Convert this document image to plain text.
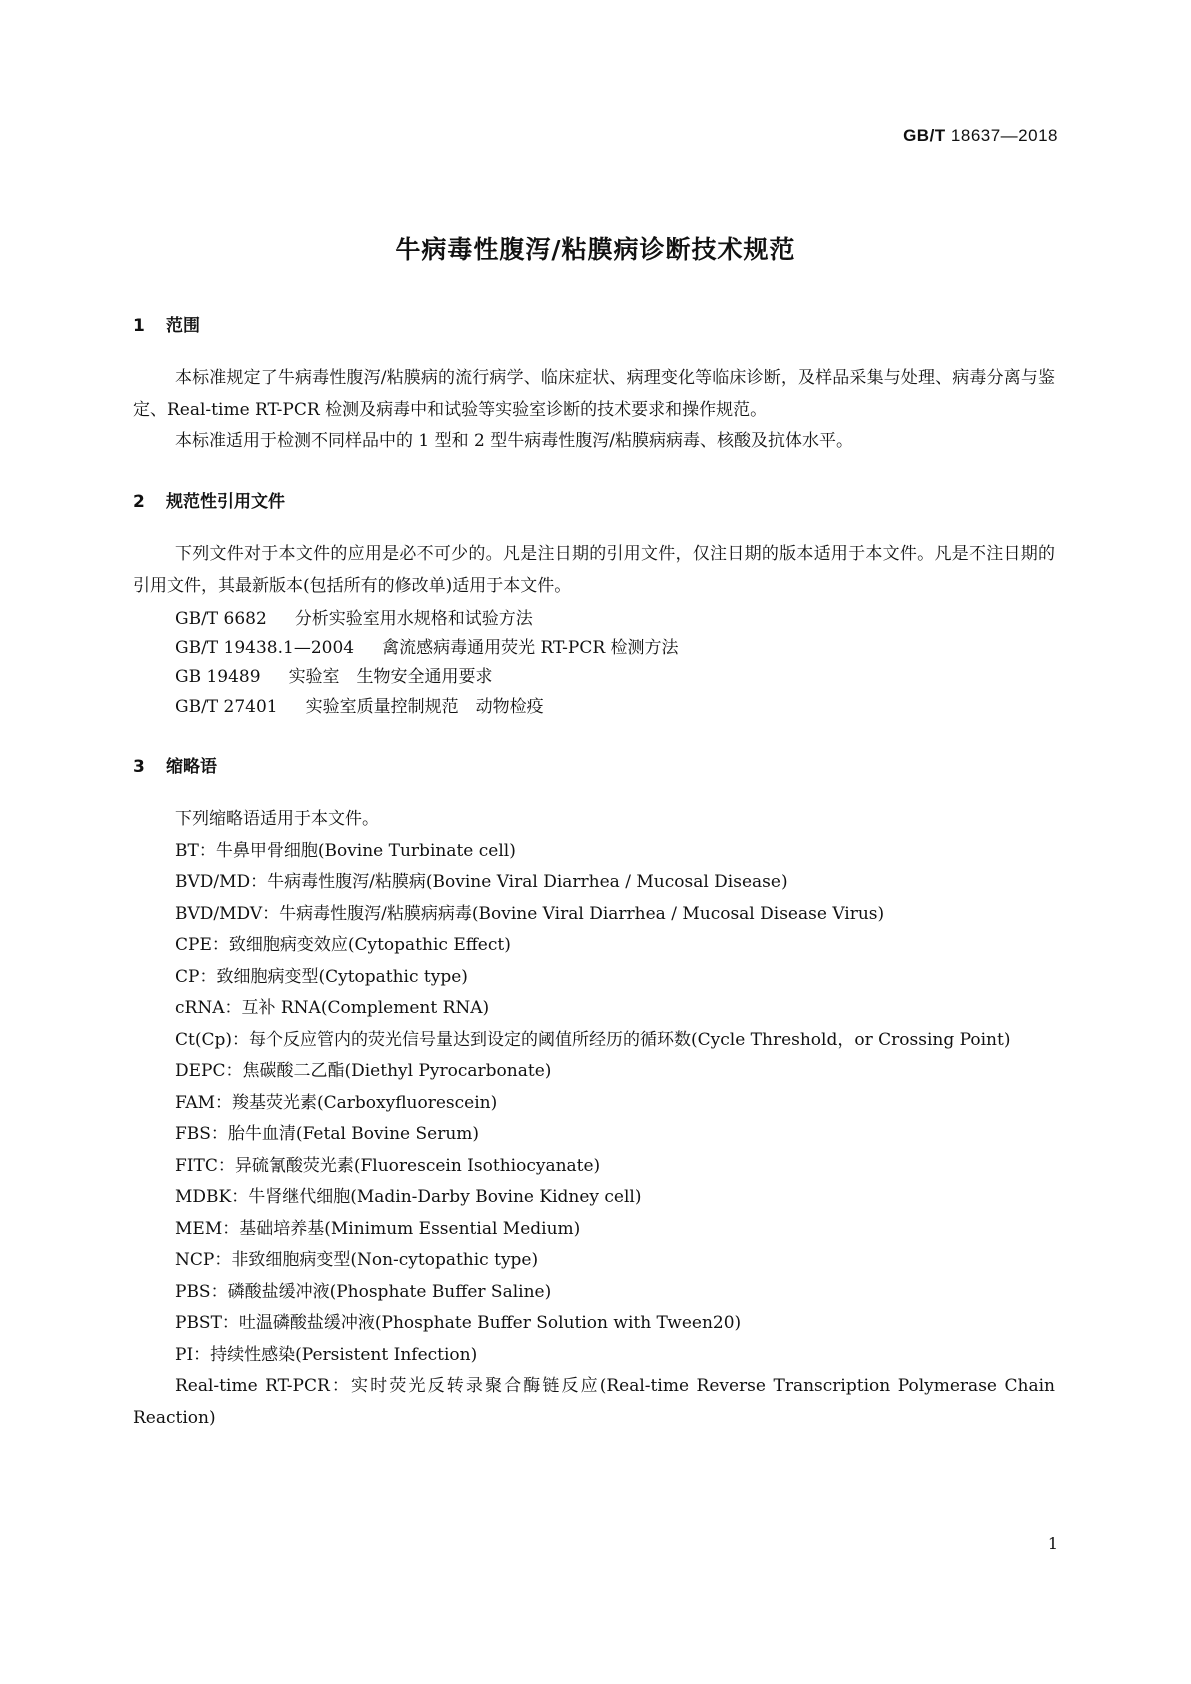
GB/T 18637—2018
牛病毒性腹泻/粘膜病诊断技术规范
1 范围

本标准规定了牛病毒性腹泻/粘膜病的流行病学、临床症状、病理变化等临床诊断，及样品采集与处理、病毒分离与鉴定、Real-time RT-PCR 检测及病毒中和试验等实验室诊断的技术要求和操作规范。

本标准适用于检测不同样品中的 1 型和 2 型牛病毒性腹泻/粘膜病病毒、核酸及抗体水平。

2 规范性引用文件

下列文件对于本文件的应用是必不可少的。凡是注日期的引用文件，仅注日期的版本适用于本文件。凡是不注日期的引用文件，其最新版本(包括所有的修改单)适用于本文件。

GB/T 6682 分析实验室用水规格和试验方法
GB/T 19438.1—2004 禽流感病毒通用荧光 RT-PCR 检测方法
GB 19489 实验室　生物安全通用要求
GB/T 27401 实验室质量控制规范　动物检疫
3 缩略语

下列缩略语适用于本文件。

BT：牛鼻甲骨细胞(Bovine Turbinate cell)

BVD/MD：牛病毒性腹泻/粘膜病(Bovine Viral Diarrhea / Mucosal Disease)

BVD/MDV：牛病毒性腹泻/粘膜病病毒(Bovine Viral Diarrhea / Mucosal Disease Virus)

CPE：致细胞病变效应(Cytopathic Effect)

CP：致细胞病变型(Cytopathic type)

cRNA：互补 RNA(Complement RNA)

Ct(Cp)：每个反应管内的荧光信号量达到设定的阈值所经历的循环数(Cycle Threshold，or Crossing Point)

DEPC：焦碳酸二乙酯(Diethyl Pyrocarbonate)

FAM：羧基荧光素(Carboxyfluorescein)

FBS：胎牛血清(Fetal Bovine Serum)

FITC：异硫氰酸荧光素(Fluorescein Isothiocyanate)

MDBK：牛肾继代细胞(Madin-Darby Bovine Kidney cell)

MEM：基础培养基(Minimum Essential Medium)

NCP：非致细胞病变型(Non-cytopathic type)

PBS：磷酸盐缓冲液(Phosphate Buffer Saline)

PBST：吐温磷酸盐缓冲液(Phosphate Buffer Solution with Tween20)

PI：持续性感染(Persistent Infection)

Real-time RT-PCR：实时荧光反转录聚合酶链反应(Real-time Reverse Transcription Polymerase Chain Reaction)

1
